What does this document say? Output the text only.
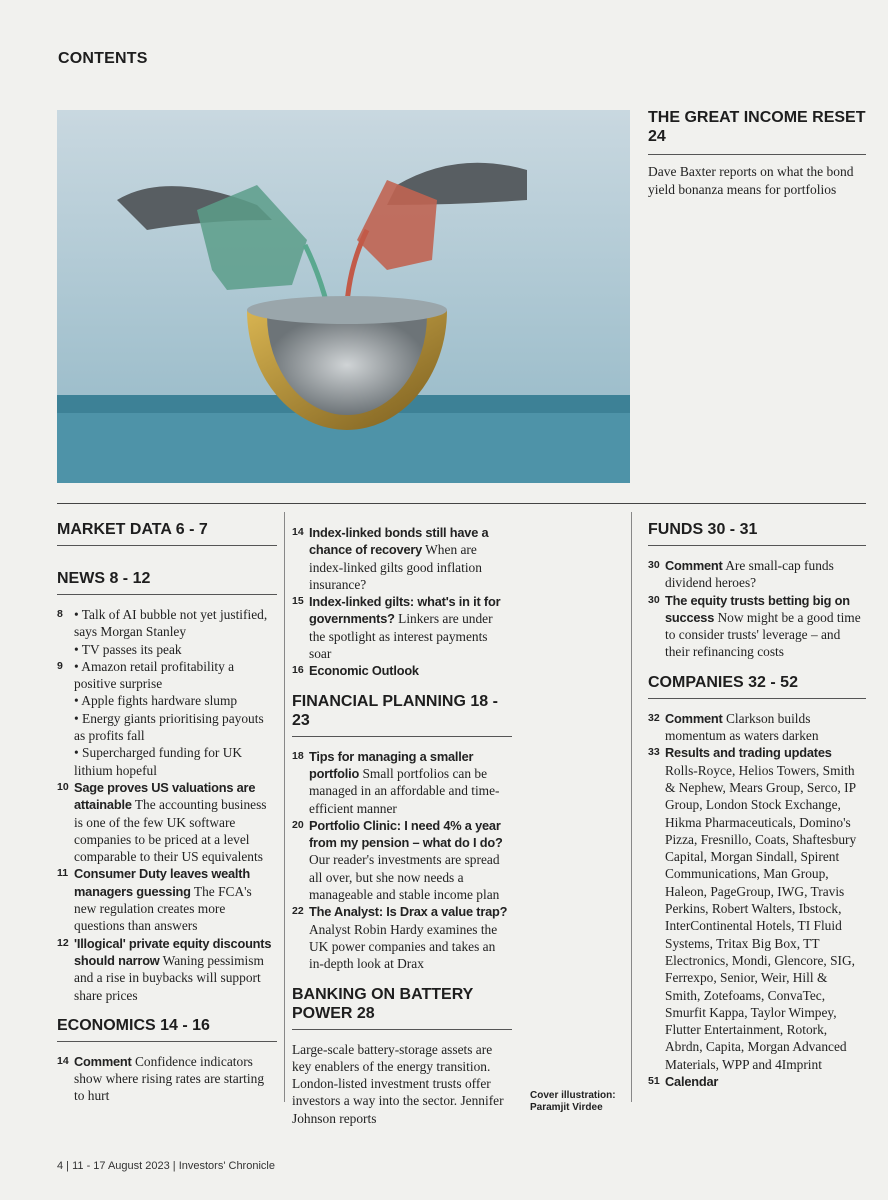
CONTENTS
THE GREAT INCOME RESET 24

Dave Baxter reports on what the bond yield bonanza means for portfolios

MARKET DATA 6 - 7
NEWS 8 - 12
8 • Talk of AI bubble not yet justified, says Morgan Stanley
• TV passes its peak
9 • Amazon retail profitability a positive surprise
• Apple fights hardware slump
• Energy giants prioritising payouts as profits fall
• Supercharged funding for UK lithium hopeful
10 Sage proves US valuations are attainable The accounting business is one of the few UK software companies to be priced at a level comparable to their US equivalents
11 Consumer Duty leaves wealth managers guessing The FCA's new regulation creates more questions than answers
12 'Illogical' private equity discounts should narrow Waning pessimism and a rise in buybacks will support share prices
ECONOMICS 14 - 16
14 Comment Confidence indicators show where rising rates are starting to hurt
14 Index-linked bonds still have a chance of recovery When are index-linked gilts good inflation insurance?
15 Index-linked gilts: what's in it for governments? Linkers are under the spotlight as interest payments soar
16 Economic Outlook
FINANCIAL PLANNING 18 - 23
18 Tips for managing a smaller portfolio Small portfolios can be managed in an affordable and time-efficient manner
20 Portfolio Clinic: I need 4% a year from my pension – what do I do? Our reader's investments are spread all over, but she now needs a manageable and stable income plan
22 The Analyst: Is Drax a value trap? Analyst Robin Hardy examines the UK power companies and takes an in-depth look at Drax
BANKING ON BATTERY POWER 28

Large-scale battery-storage assets are key enablers of the energy transition. London-listed investment trusts offer investors a way into the sector. Jennifer Johnson reports

FUNDS 30 - 31
30 Comment Are small-cap funds dividend heroes?
30 The equity trusts betting big on success Now might be a good time to consider trusts' leverage – and their refinancing costs
COMPANIES 32 - 52
32 Comment Clarkson builds momentum as waters darken
33 Results and trading updates Rolls-Royce, Helios Towers, Smith & Nephew, Mears Group, Serco, IP Group, London Stock Exchange, Hikma Pharmaceuticals, Domino's Pizza, Fresnillo, Coats, Shaftesbury Capital, Morgan Sindall, Spirent Communications, Man Group, Haleon, PageGroup, IWG, Travis Perkins, Robert Walters, Ibstock, InterContinental Hotels, TI Fluid Systems, Tritax Big Box, TT Electronics, Mondi, Glencore, SIG, Ferrexpo, Senior, Weir, Hill & Smith, Zotefoams, ConvaTec, Smurfit Kappa, Taylor Wimpey, Flutter Entertainment, Rotork, Abrdn, Capita, Morgan Advanced Materials, WPP and 4Imprint
51 Calendar
Cover illustration:
Paramjit Virdee
4 | 11 - 17 August 2023 | Investors' Chronicle
